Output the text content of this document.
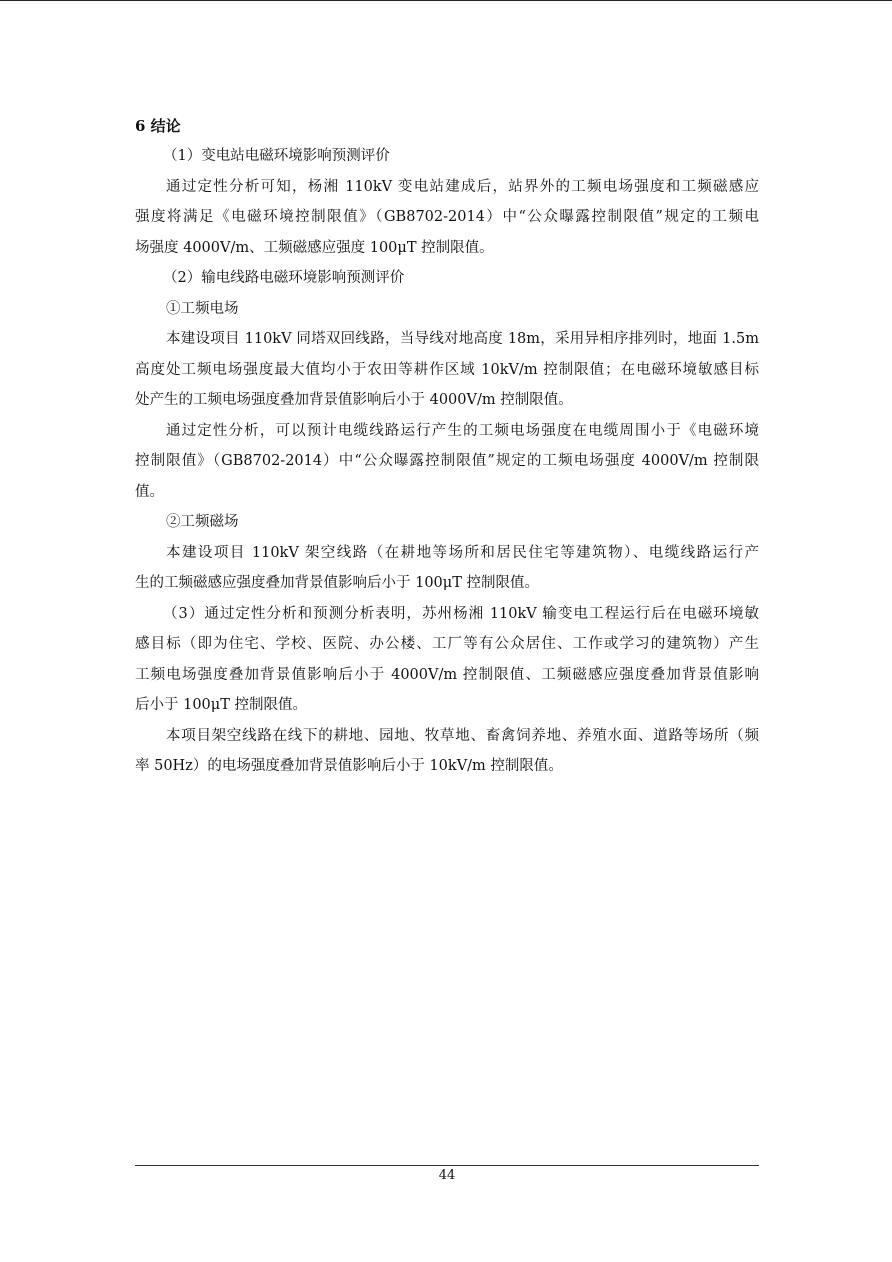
6 结论
（1）变电站电磁环境影响预测评价
通过定性分析可知，杨湘 110kV 变电站建成后，站界外的工频电场强度和工频磁感应
强度将满足《电磁环境控制限值》（GB8702-2014）中“公众曝露控制限值”规定的工频电
场强度 4000V/m、工频磁感应强度 100μT 控制限值。
（2）输电线路电磁环境影响预测评价
①工频电场
本建设项目 110kV 同塔双回线路，当导线对地高度 18m，采用异相序排列时，地面 1.5m
高度处工频电场强度最大值均小于农田等耕作区域 10kV/m 控制限值；在电磁环境敏感目标
处产生的工频电场强度叠加背景值影响后小于 4000V/m 控制限值。
通过定性分析，可以预计电缆线路运行产生的工频电场强度在电缆周围小于《电磁环境
控制限值》（GB8702-2014）中“公众曝露控制限值”规定的工频电场强度 4000V/m 控制限
值。
②工频磁场
本建设项目 110kV 架空线路（在耕地等场所和居民住宅等建筑物）、电缆线路运行产
生的工频磁感应强度叠加背景值影响后小于 100μT 控制限值。
（3）通过定性分析和预测分析表明，苏州杨湘 110kV 输变电工程运行后在电磁环境敏
感目标（即为住宅、学校、医院、办公楼、工厂等有公众居住、工作或学习的建筑物）产生
工频电场强度叠加背景值影响后小于 4000V/m 控制限值、工频磁感应强度叠加背景值影响
后小于 100μT 控制限值。
本项目架空线路在线下的耕地、园地、牧草地、畜禽饲养地、养殖水面、道路等场所（频
率 50Hz）的电场强度叠加背景值影响后小于 10kV/m 控制限值。
44
